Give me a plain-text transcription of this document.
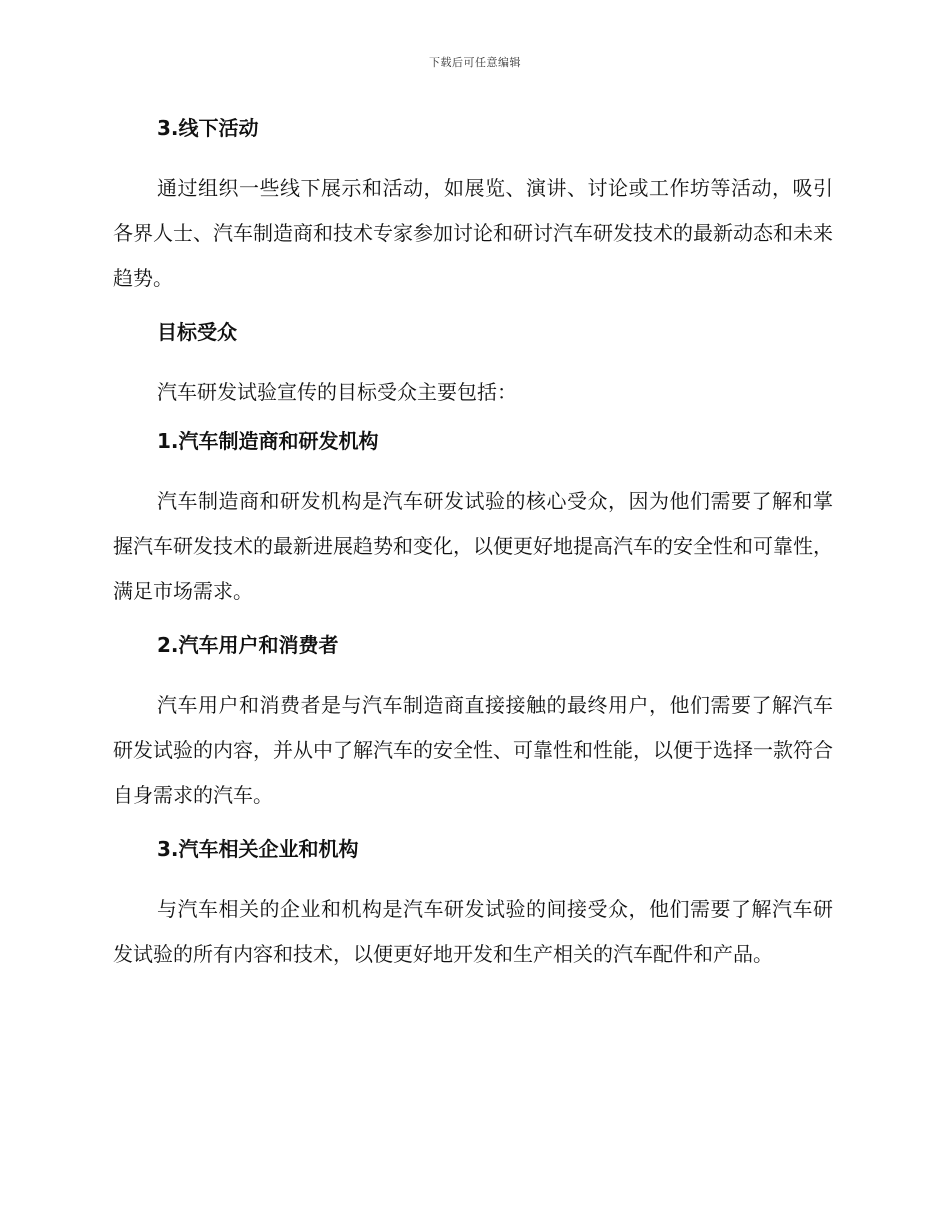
下载后可任意编辑
3.线下活动
通过组织一些线下展示和活动，如展览、演讲、讨论或工作坊等活动，吸引各界人士、汽车制造商和技术专家参加讨论和研讨汽车研发技术的最新动态和未来趋势。
目标受众
汽车研发试验宣传的目标受众主要包括：
1.汽车制造商和研发机构
汽车制造商和研发机构是汽车研发试验的核心受众，因为他们需要了解和掌握汽车研发技术的最新进展趋势和变化，以便更好地提高汽车的安全性和可靠性，满足市场需求。
2.汽车用户和消费者
汽车用户和消费者是与汽车制造商直接接触的最终用户，他们需要了解汽车研发试验的内容，并从中了解汽车的安全性、可靠性和性能，以便于选择一款符合自身需求的汽车。
3.汽车相关企业和机构
与汽车相关的企业和机构是汽车研发试验的间接受众，他们需要了解汽车研发试验的所有内容和技术，以便更好地开发和生产相关的汽车配件和产品。
